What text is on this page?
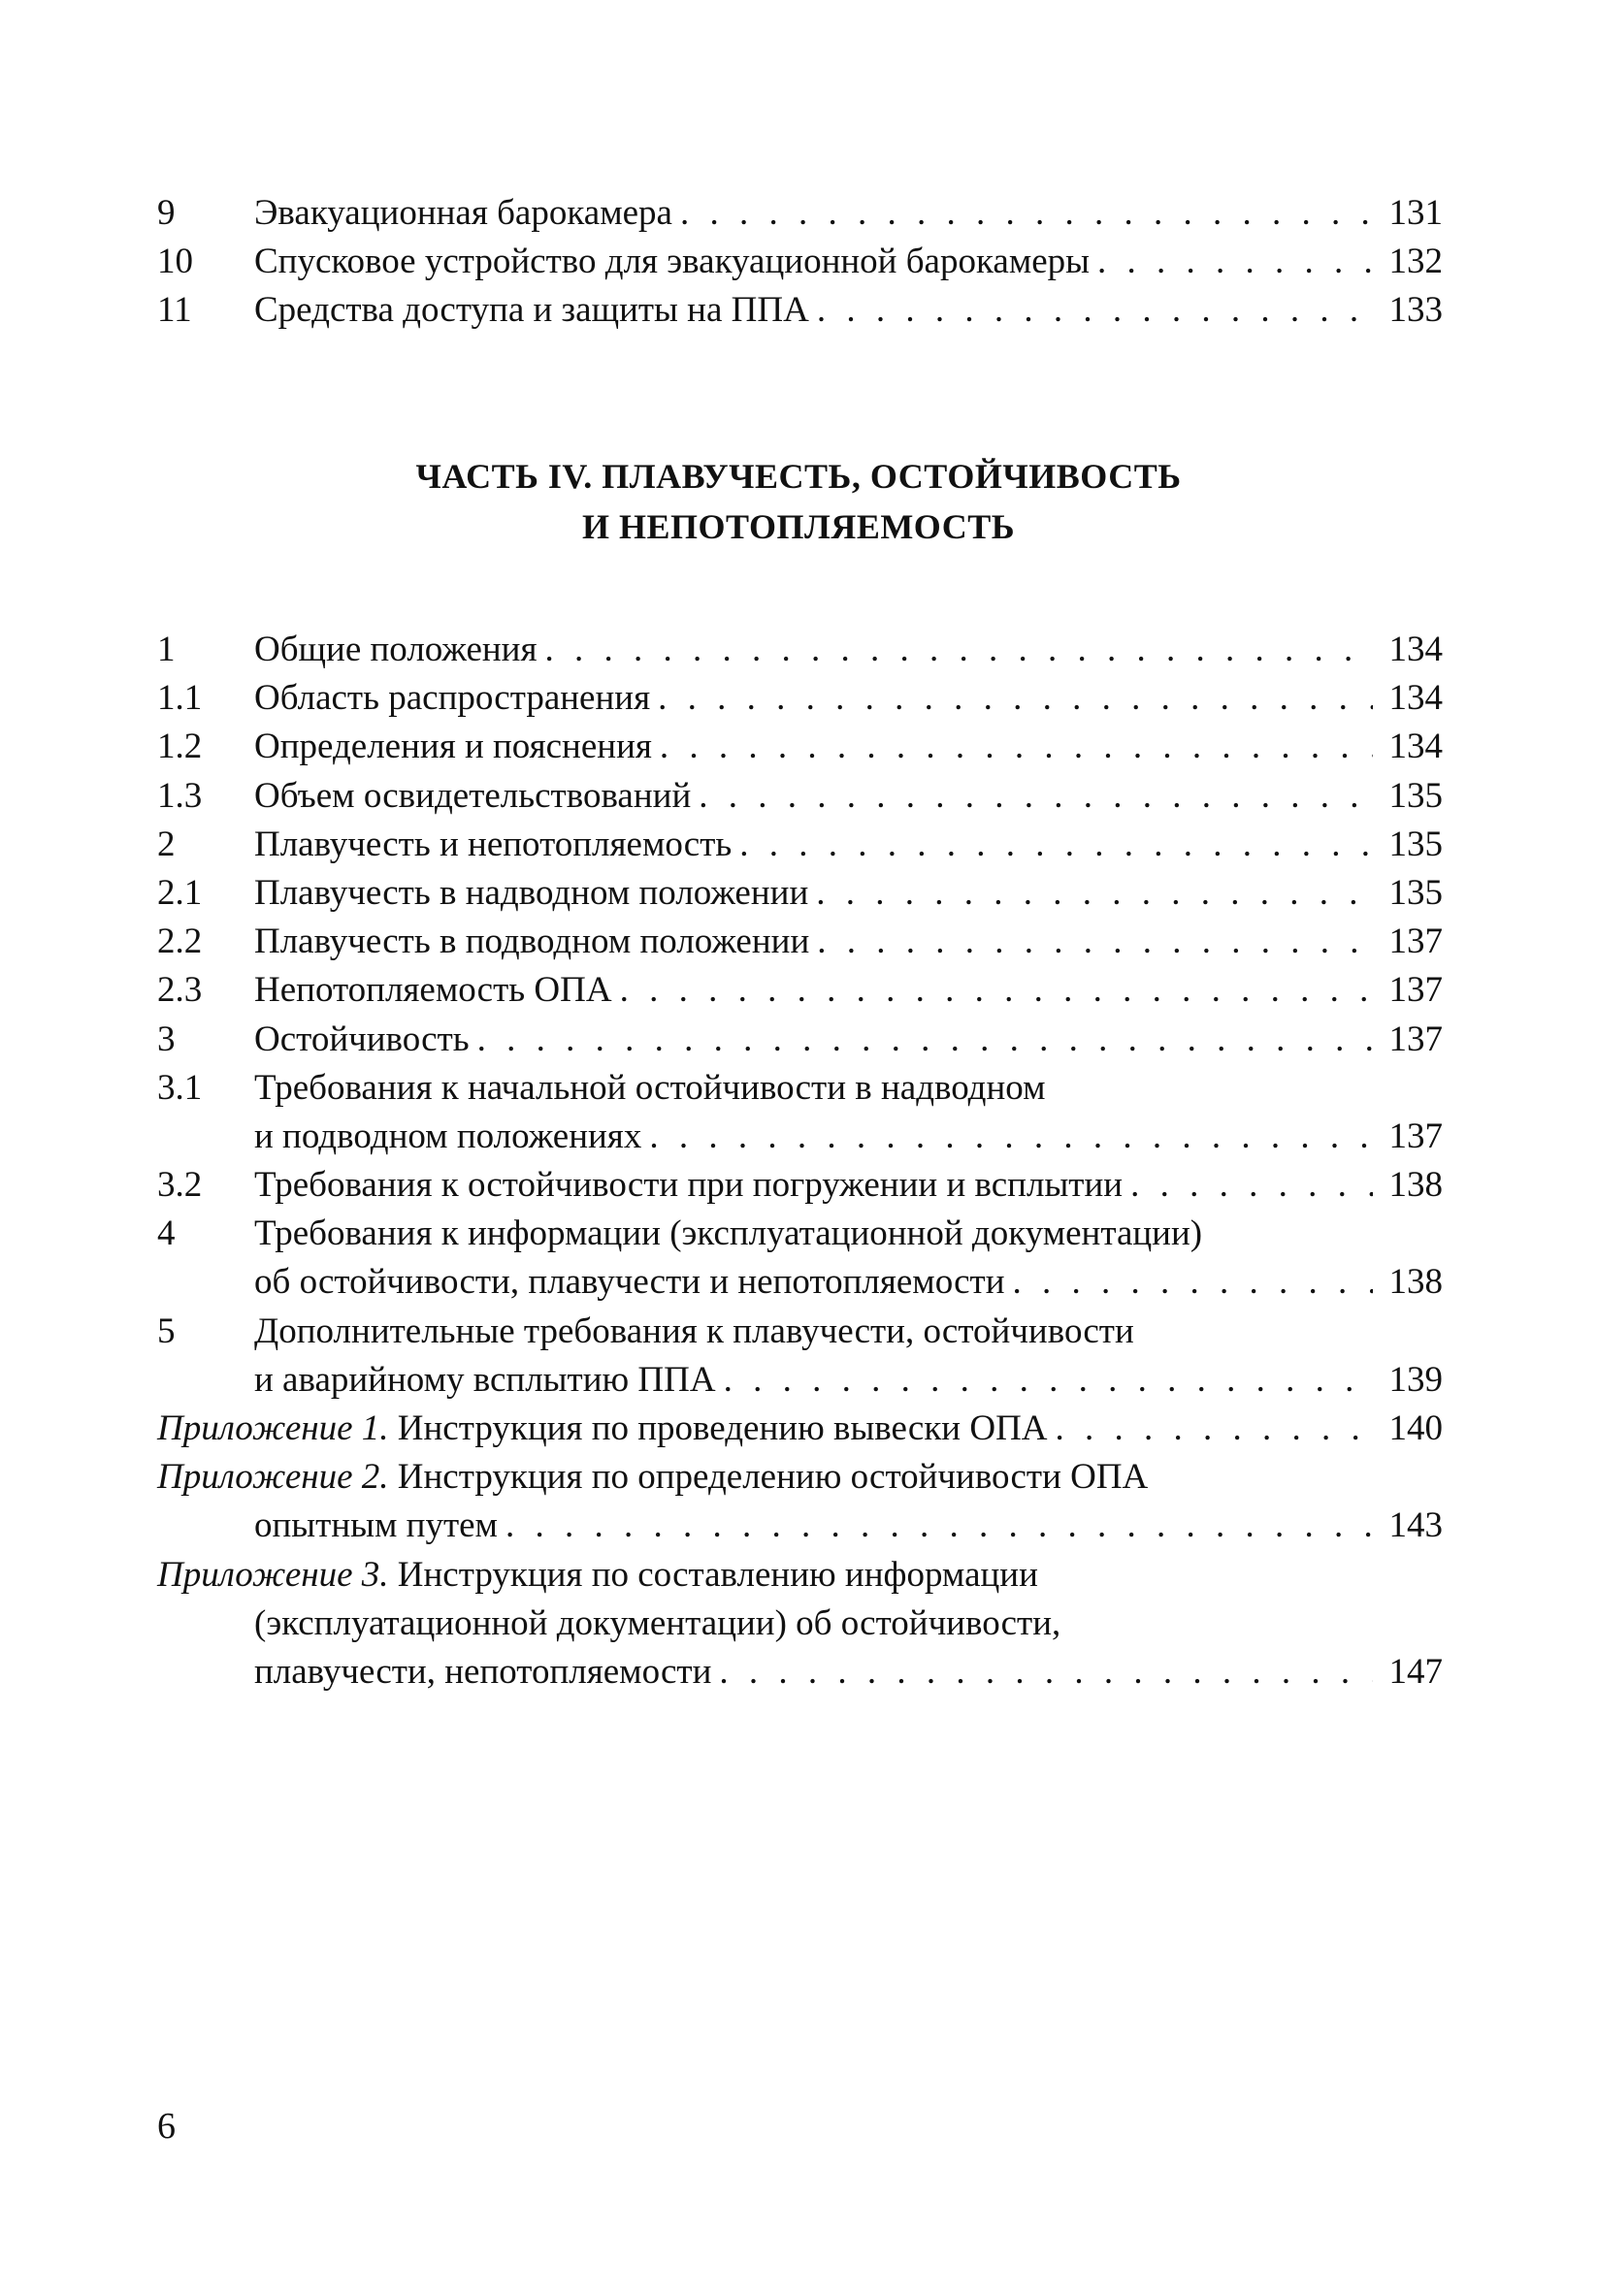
9 Эвакуационная барокамера . . .	131
10 Спусковое устройство для эвакуационной барокамеры . . .	132
11 Средства доступа и защиты на ППА . . .	133
ЧАСТЬ IV. ПЛАВУЧЕСТЬ, ОСТОЙЧИВОСТЬ
И НЕПОТОПЛЯЕМОСТЬ
1 Общие положения . . .	134
1.1 Область распространения . . .	134
1.2 Определения и пояснения . . .	134
1.3 Объем освидетельствований . . .	135
2 Плавучесть и непотопляемость . . .	135
2.1 Плавучесть в надводном положении . . .	135
2.2 Плавучесть в подводном положении . . .	137
2.3 Непотопляемость ОПА . . .	137
3 Остойчивость . . .	137
3.1 Требования к начальной остойчивости в надводном
и подводном положениях . . .	137
3.2 Требования к остойчивости при погружении и всплытии . . .	138
4 Требования к информации (эксплуатационной документации)
об остойчивости, плавучести и непотопляемости . . .	138
5 Дополнительные требования к плавучести, остойчивости
и аварийному всплытию ППА . . .	139
Приложение 1. Инструкция по проведению вывески ОПА . . .	140
Приложение 2. Инструкция по определению остойчивости ОПА
опытным путем . . .	143
Приложение 3. Инструкция по составлению информации
(эксплуатационной документации) об остойчивости,
плавучести, непотопляемости . . .	147
6
